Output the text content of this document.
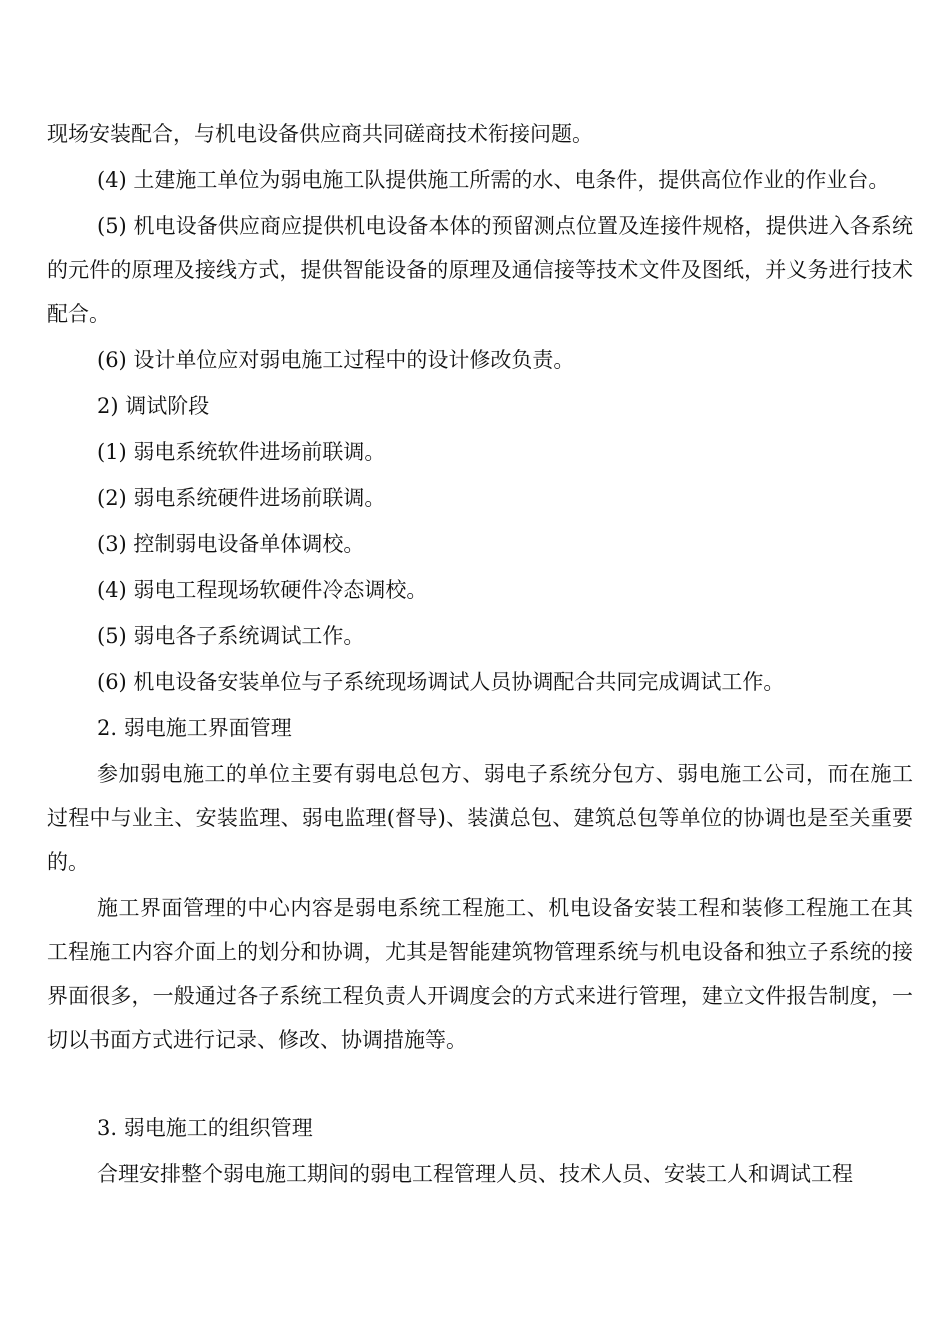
现场安装配合，与机电设备供应商共同磋商技术衔接问题。

(4) 土建施工单位为弱电施工队提供施工所需的水、电条件，提供高位作业的作业台。

(5) 机电设备供应商应提供机电设备本体的预留测点位置及连接件规格，提供进入各系统的元件的原理及接线方式，提供智能设备的原理及通信接等技术文件及图纸，并义务进行技术配合。

(6) 设计单位应对弱电施工过程中的设计修改负责。

2) 调试阶段

(1) 弱电系统软件进场前联调。

(2) 弱电系统硬件进场前联调。

(3) 控制弱电设备单体调校。

(4) 弱电工程现场软硬件冷态调校。

(5) 弱电各子系统调试工作。

(6) 机电设备安装单位与子系统现场调试人员协调配合共同完成调试工作。

2. 弱电施工界面管理

参加弱电施工的单位主要有弱电总包方、弱电子系统分包方、弱电施工公司，而在施工过程中与业主、安装监理、弱电监理(督导)、装潢总包、建筑总包等单位的协调也是至关重要的。

施工界面管理的中心内容是弱电系统工程施工、机电设备安装工程和装修工程施工在其工程施工内容介面上的划分和协调，尤其是智能建筑物管理系统与机电设备和独立子系统的接界面很多，一般通过各子系统工程负责人开调度会的方式来进行管理，建立文件报告制度，一切以书面方式进行记录、修改、协调措施等。

3. 弱电施工的组织管理

合理安排整个弱电施工期间的弱电工程管理人员、技术人员、安装工人和调试工程
